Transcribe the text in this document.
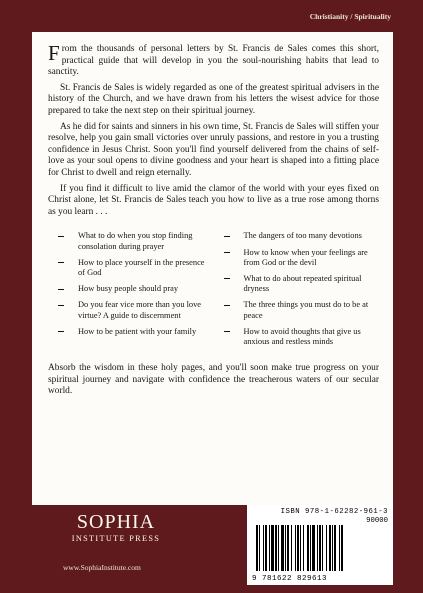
Christianity / Spirituality

From the thousands of personal letters by St. Francis de Sales comes this short, practical guide that will develop in you the soul-nourishing habits that lead to sanctity.

St. Francis de Sales is widely regarded as one of the greatest spiritual advisers in the history of the Church, and we have drawn from his letters the wisest advice for those prepared to take the next step on their spiritual journey.

As he did for saints and sinners in his own time, St. Francis de Sales will stiffen your resolve, help you gain small victories over unruly passions, and restore in you a trusting confidence in Jesus Christ. Soon you'll find yourself delivered from the chains of self-love as your soul opens to divine goodness and your heart is shaped into a fitting place for Christ to dwell and reign eternally.

If you find it difficult to live amid the clamor of the world with your eyes fixed on Christ alone, let St. Francis de Sales teach you how to live as a true rose among thorns as you learn . . .

What to do when you stop finding consolation during prayer
How to place yourself in the presence of God
How busy people should pray
Do you fear vice more than you love virtue? A guide to discernment
How to be patient with your family
The dangers of too many devotions
How to know when your feelings are from God or the devil
What to do about repeated spiritual dryness
The three things you must do to be at peace
How to avoid thoughts that give us anxious and restless minds

Absorb the wisdom in these holy pages, and you'll soon make true progress on your spiritual journey and navigate with confidence the treacherous waters of our secular world.

SOPHIA
INSTITUTE PRESS
www.SophiaInstitute.com
ISBN 978-1-62282-961-3
90000
9 781622 829613
